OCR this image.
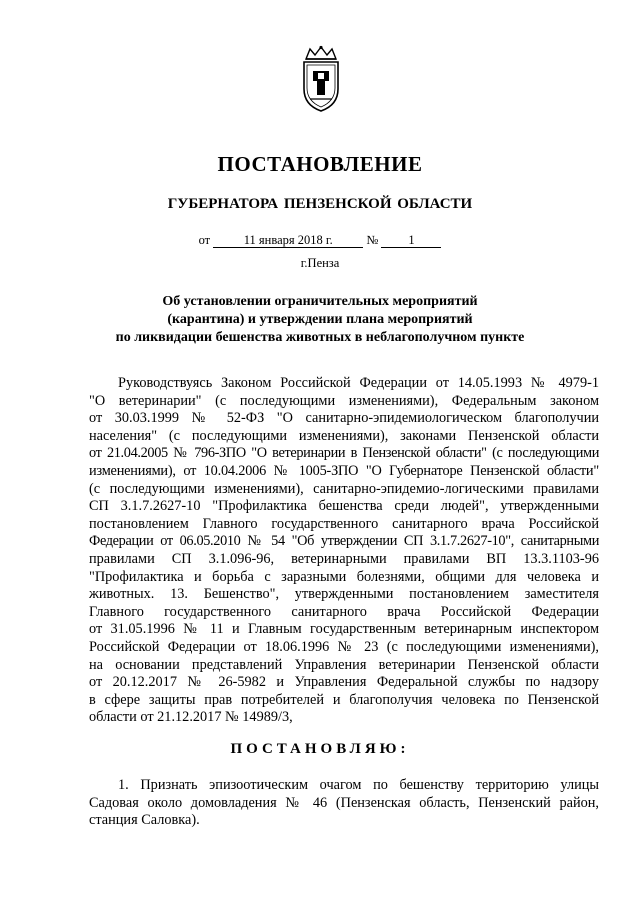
ПОСТАНОВЛЕНИЕ
ГУБЕРНАТОРА ПЕНЗЕНСКОЙ ОБЛАСТИ
от	11 января 2018 г.	№ 1
г.Пенза
Об установлении ограничительных мероприятий
(карантина) и утверждении плана мероприятий
по ликвидации бешенства животных в неблагополучном пункте
Руководствуясь Законом Российской Федерации от 14.05.1993 № 4979-1
"О ветеринарии" (с последующими изменениями), Федеральным законом
от 30.03.1999 № 52-ФЗ "О санитарно-эпидемиологическом благополучии
населения" (с последующими изменениями), законами Пензенской области
от 21.04.2005 № 796-ЗПО "О ветеринарии в Пензенской области" (с последующими
изменениями), от 10.04.2006 № 1005-ЗПО "О Губернаторе Пензенской области"
(с последующими изменениями), санитарно-эпидемио-логическими правилами
СП 3.1.7.2627-10 "Профилактика бешенства среди людей", утвержденными
постановлением Главного государственного санитарного врача Российской
Федерации от 06.05.2010 № 54 "Об утверждении СП 3.1.7.2627-10", санитарными
правилами СП 3.1.096-96, ветеринарными правилами ВП 13.3.1103-96
"Профилактика и борьба с заразными болезнями, общими для человека и
животных. 13. Бешенство", утвержденными постановлением заместителя
Главного государственного санитарного врача Российской Федерации
от 31.05.1996 № 11 и Главным государственным ветеринарным инспектором
Российской Федерации от 18.06.1996 № 23 (с последующими изменениями),
на основании представлений Управления ветеринарии Пензенской области
от 20.12.2017 № 26-5982 и Управления Федеральной службы по надзору
в сфере защиты прав потребителей и благополучия человека по Пензенской
области от 21.12.2017 № 14989/3,
ПОСТАНОВЛЯЮ:
1. Признать эпизоотическим очагом по бешенству территорию улицы
Садовая около домовладения № 46 (Пензенская область, Пензенский район,
станция Саловка).
